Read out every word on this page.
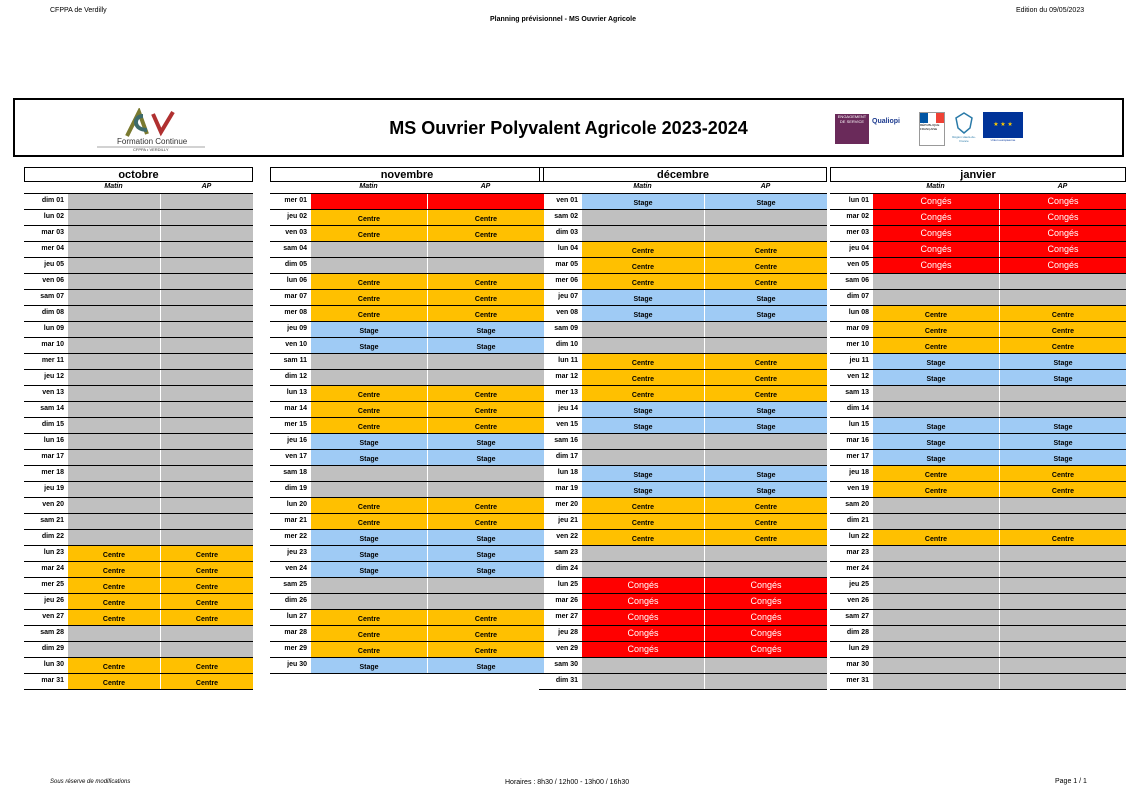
CFPPA de Verdilly
Planning prévisionnel - MS Ouvrier Agricole
Edition du 09/05/2023
MS Ouvrier Polyvalent Agricole 2023-2024
Formation Continue
CFPPA • VERDILLY
ENGAGEMENT DE SERVICE	Qualiopi	RÉPUBLIQUE FRANÇAISE
Région Hauts-de-France
★ ★ ★
Union européenne
octobre
Matin	AP
dim 01
lun 02
mar 03
mer 04
jeu 05
ven 06
sam 07
dim 08
lun 09
mar 10
mer 11
jeu 12
ven 13
sam 14
dim 15
lun 16
mar 17
mer 18
jeu 19
ven 20
sam 21
dim 22
lun 23	Centre	Centre
mar 24	Centre	Centre
mer 25	Centre	Centre
jeu 26	Centre	Centre
ven 27	Centre	Centre
sam 28
dim 29
lun 30	Centre	Centre
mar 31	Centre	Centre
novembre
Matin	AP
mer 01
jeu 02	Centre	Centre
ven 03	Centre	Centre
sam 04
dim 05
lun 06	Centre	Centre
mar 07	Centre	Centre
mer 08	Centre	Centre
jeu 09	Stage	Stage
ven 10	Stage	Stage
sam 11
dim 12
lun 13	Centre	Centre
mar 14	Centre	Centre
mer 15	Centre	Centre
jeu 16	Stage	Stage
ven 17	Stage	Stage
sam 18
dim 19
lun 20	Centre	Centre
mar 21	Centre	Centre
mer 22	Stage	Stage
jeu 23	Stage	Stage
ven 24	Stage	Stage
sam 25
dim 26
lun 27	Centre	Centre
mar 28	Centre	Centre
mer 29	Centre	Centre
jeu 30	Stage	Stage
décembre
Matin	AP
ven 01	Stage	Stage
sam 02
dim 03
lun 04	Centre	Centre
mar 05	Centre	Centre
mer 06	Centre	Centre
jeu 07	Stage	Stage
ven 08	Stage	Stage
sam 09
dim 10
lun 11	Centre	Centre
mar 12	Centre	Centre
mer 13	Centre	Centre
jeu 14	Stage	Stage
ven 15	Stage	Stage
sam 16
dim 17
lun 18	Stage	Stage
mar 19	Stage	Stage
mer 20	Centre	Centre
jeu 21	Centre	Centre
ven 22	Centre	Centre
sam 23
dim 24
lun 25	Congés	Congés
mar 26	Congés	Congés
mer 27	Congés	Congés
jeu 28	Congés	Congés
ven 29	Congés	Congés
sam 30
dim 31
janvier
Matin	AP
lun 01	Congés	Congés
mar 02	Congés	Congés
mer 03	Congés	Congés
jeu 04	Congés	Congés
ven 05	Congés	Congés
sam 06
dim 07
lun 08	Centre	Centre
mar 09	Centre	Centre
mer 10	Centre	Centre
jeu 11	Stage	Stage
ven 12	Stage	Stage
sam 13
dim 14
lun 15	Stage	Stage
mar 16	Stage	Stage
mer 17	Stage	Stage
jeu 18	Centre	Centre
ven 19	Centre	Centre
sam 20
dim 21
lun 22	Centre	Centre
mar 23
mer 24
jeu 25
ven 26
sam 27
dim 28
lun 29
mar 30
mer 31
Sous réserve de modifications	Horaires : 8h30 / 12h00 - 13h00 / 16h30	Page 1 / 1
